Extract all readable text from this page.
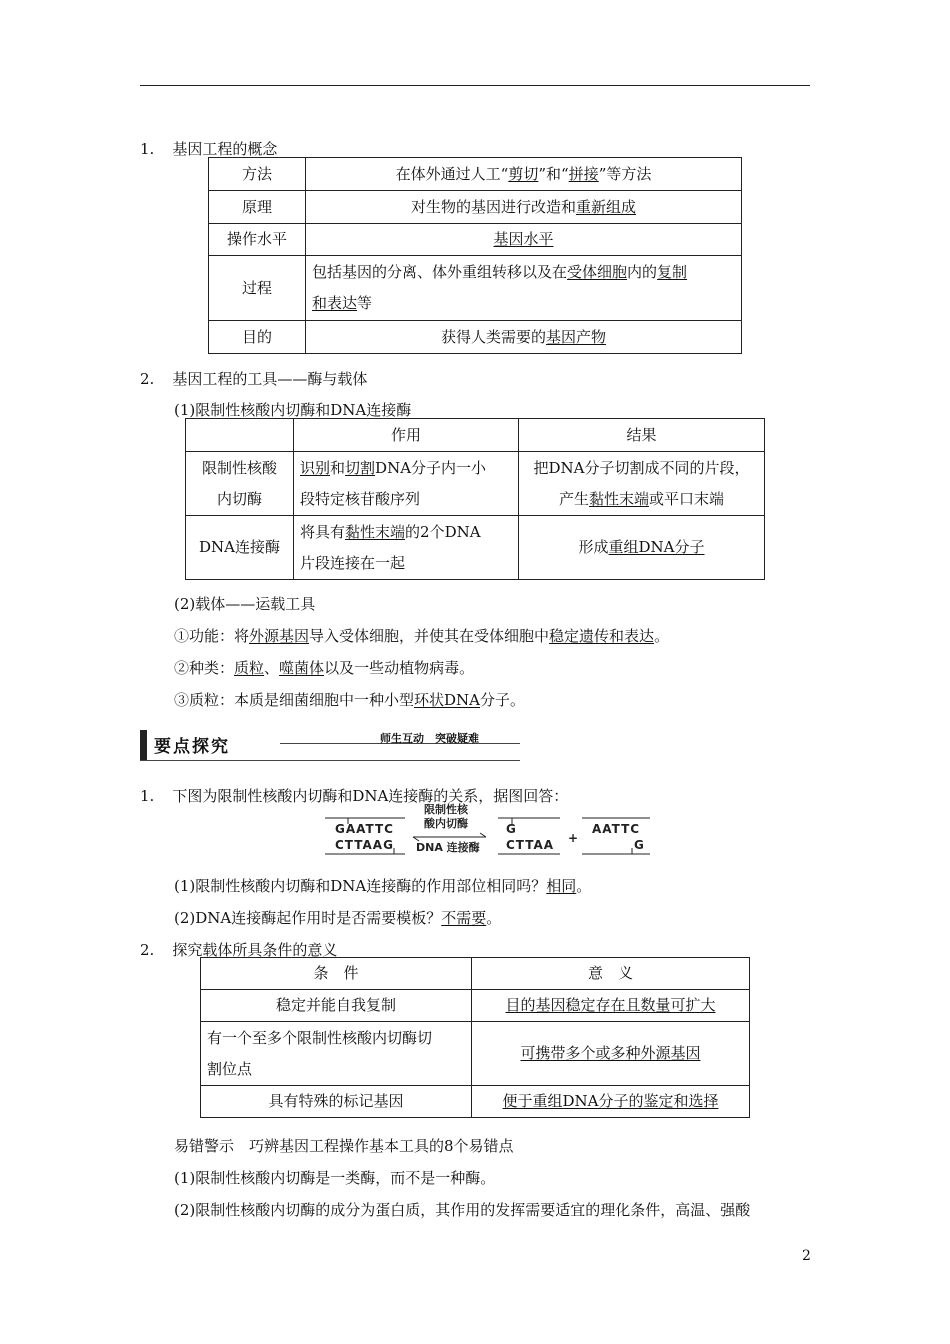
1. 基因工程的概念
方法	在体外通过人工“剪切”和“拼接”等方法
原理	对生物的基因进行改造和重新组成
操作水平	基因水平
过程	包括基因的分离、体外重组转移以及在受体细胞内的复制
和表达等
目的	获得人类需要的基因产物
2. 基因工程的工具——酶与载体
(1)限制性核酸内切酶和DNA连接酶
	作用	结果
限制性核酸
内切酶	识别和切割DNA分子内一小
段特定核苷酸序列	把DNA分子切割成不同的片段，
产生黏性末端或平口末端
DNA连接酶	将具有黏性末端的2个DNA
片段连接在一起	形成重组DNA分子
(2)载体——运载工具
①功能：将外源基因导入受体细胞，并使其在受体细胞中稳定遗传和表达。
②种类：质粒、噬菌体以及一些动植物病毒。
③质粒：本质是细菌细胞中一种小型环状DNA分子。
要点探究	师生互动　突破疑难
1. 下图为限制性核酸内切酶和DNA连接酶的关系，据图回答：
GAATTC
CTTAAG
限制性核
酸内切酶
DNA 连接酶
G
CTTAA +
AATTC
G
(1)限制性核酸内切酶和DNA连接酶的作用部位相同吗？相同。
(2)DNA连接酶起作用时是否需要模板？不需要。
2. 探究载体所具条件的意义
条　件	意　义
稳定并能自我复制	目的基因稳定存在且数量可扩大
有一个至多个限制性核酸内切酶切
割位点	可携带多个或多种外源基因
具有特殊的标记基因	便于重组DNA分子的鉴定和选择
易错警示　巧辨基因工程操作基本工具的8个易错点
(1)限制性核酸内切酶是一类酶，而不是一种酶。
(2)限制性核酸内切酶的成分为蛋白质，其作用的发挥需要适宜的理化条件，高温、强酸
2
